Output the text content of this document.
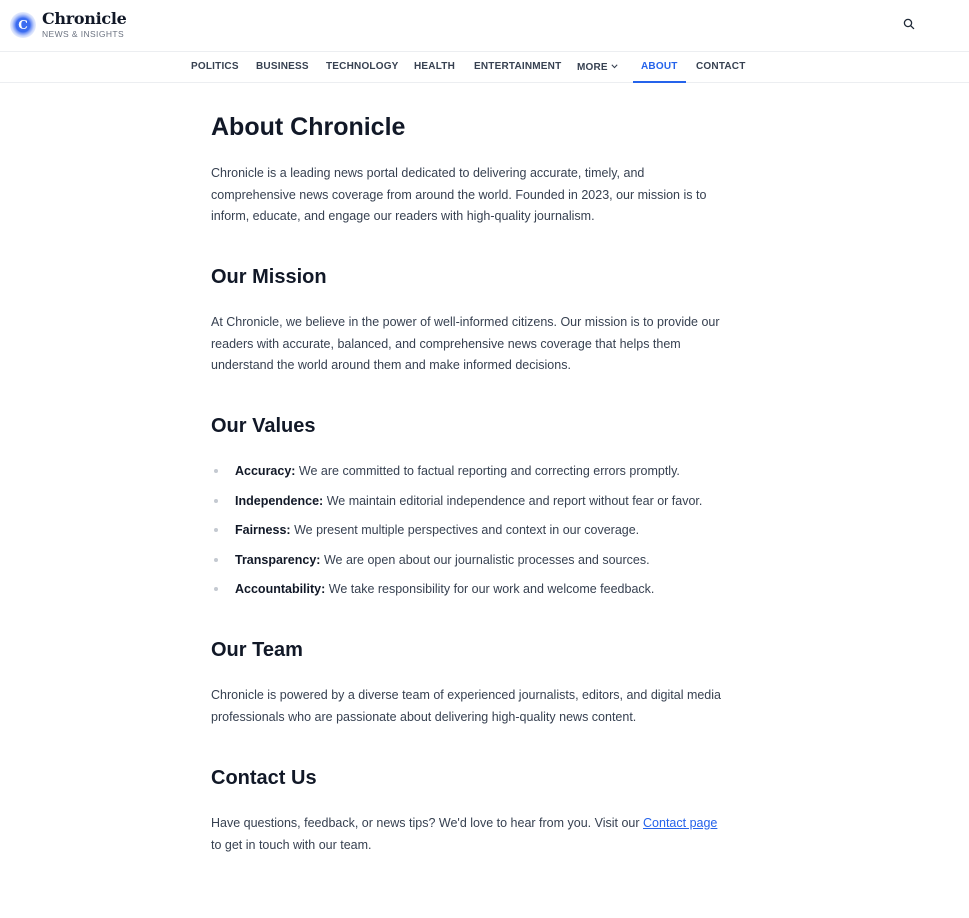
C Chronicle
NEWS & INSIGHTS
POLITICS BUSINESS TECHNOLOGY HEALTH ENTERTAINMENT MORE	ABOUT CONTACT
About Chronicle

Chronicle is a leading news portal dedicated to delivering accurate, timely, and comprehensive news coverage from around the world. Founded in 2023, our mission is to inform, educate, and engage our readers with high-quality journalism.

Our Mission

At Chronicle, we believe in the power of well-informed citizens. Our mission is to provide our readers with accurate, balanced, and comprehensive news coverage that helps them understand the world around them and make informed decisions.

Our Values
Accuracy: We are committed to factual reporting and correcting errors promptly.
Independence: We maintain editorial independence and report without fear or favor.
Fairness: We present multiple perspectives and context in our coverage.
Transparency: We are open about our journalistic processes and sources.
Accountability: We take responsibility for our work and welcome feedback.
Our Team

Chronicle is powered by a diverse team of experienced journalists, editors, and digital media professionals who are passionate about delivering high-quality news content.

Contact Us

Have questions, feedback, or news tips? We'd love to hear from you. Visit our Contact page to get in touch with our team.
